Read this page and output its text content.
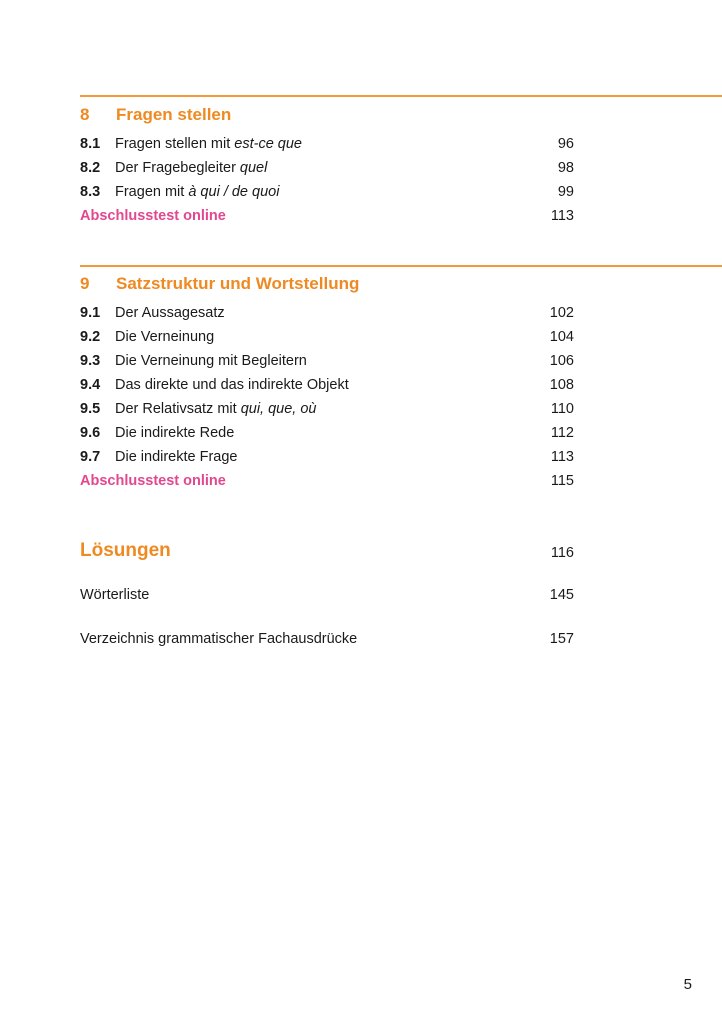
8 Fragen stellen
8.1 Fragen stellen mit est-ce que	96
8.2 Der Fragebegleiter quel	98
8.3 Fragen mit à qui / de quoi	99
Abschlusstest online	113
9 Satzstruktur und Wortstellung
9.1 Der Aussagesatz	102
9.2 Die Verneinung	104
9.3 Die Verneinung mit Begleitern	106
9.4 Das direkte und das indirekte Objekt	108
9.5 Der Relativsatz mit qui, que, où	110
9.6 Die indirekte Rede	112
9.7 Die indirekte Frage	113
Abschlusstest online	115
Lösungen	116
Wörterliste	145
Verzeichnis grammatischer Fachausdrücke	157
5
